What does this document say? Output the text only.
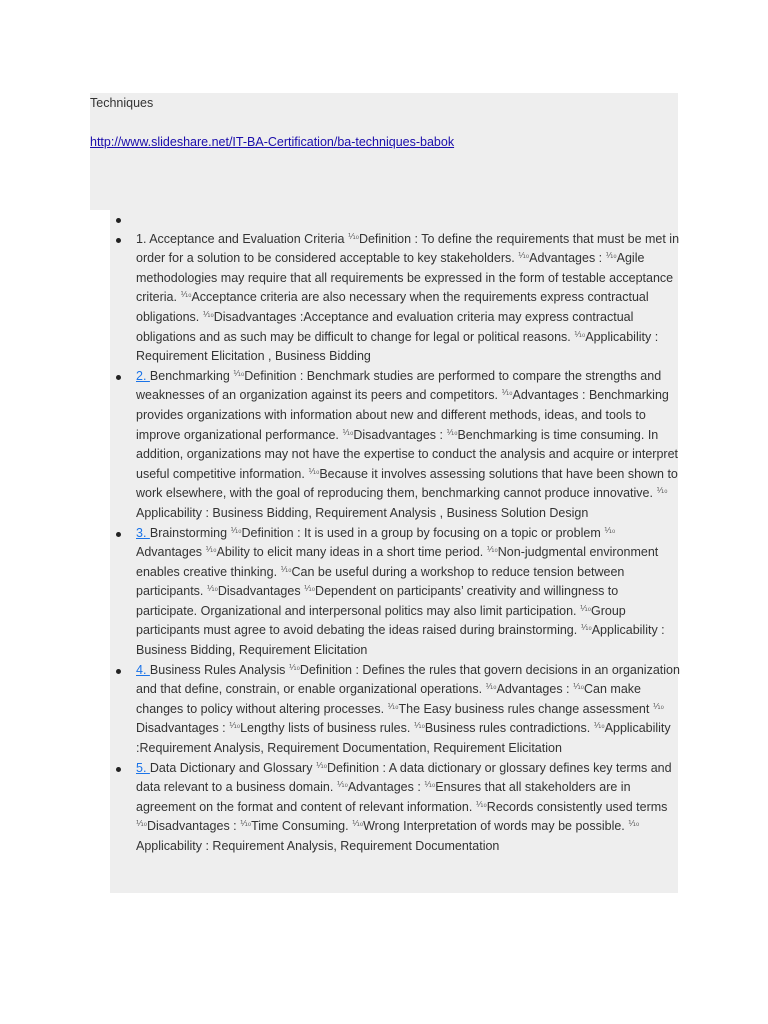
Techniques
http://www.slideshare.net/IT-BA-Certification/ba-techniques-babok

1. Acceptance and Evaluation Criteria ⅒Definition : To define the requirements that must be met in order for a solution to be considered acceptable to key stakeholders. ⅒Advantages : ⅒Agile methodologies may require that all requirements be expressed in the form of testable acceptance criteria. ⅒Acceptance criteria are also necessary when the requirements express contractual obligations. ⅒Disadvantages :Acceptance and evaluation criteria may express contractual obligations and as such may be difficult to change for legal or political reasons. ⅒Applicability : Requirement Elicitation , Business Bidding
2. Benchmarking ⅒Definition : Benchmark studies are performed to compare the strengths and weaknesses of an organization against its peers and competitors. ⅒Advantages : Benchmarking provides organizations with information about new and different methods, ideas, and tools to improve organizational performance. ⅒Disadvantages : ⅒Benchmarking is time consuming. In addition, organizations may not have the expertise to conduct the analysis and acquire or interpret useful competitive information. ⅒Because it involves assessing solutions that have been shown to work elsewhere, with the goal of reproducing them, benchmarking cannot produce innovative. ⅒Applicability : Business Bidding, Requirement Analysis , Business Solution Design
3. Brainstorming ⅒Definition : It is used in a group by focusing on a topic or problem ⅒Advantages ⅒Ability to elicit many ideas in a short time period. ⅒Non-judgmental environment enables creative thinking. ⅒Can be useful during a workshop to reduce tension between participants. ⅒Disadvantages ⅒Dependent on participants’ creativity and willingness to participate. Organizational and interpersonal politics may also limit participation. ⅒Group participants must agree to avoid debating the ideas raised during brainstorming. ⅒Applicability : Business Bidding, Requirement Elicitation
4. Business Rules Analysis ⅒Definition : Defines the rules that govern decisions in an organization and that define, constrain, or enable organizational operations. ⅒Advantages : ⅒Can make changes to policy without altering processes. ⅒The Easy business rules change assessment ⅒Disadvantages : ⅒Lengthy lists of business rules. ⅒Business rules contradictions. ⅒Applicability :Requirement Analysis, Requirement Documentation, Requirement Elicitation
5. Data Dictionary and Glossary ⅒Definition : A data dictionary or glossary defines key terms and data relevant to a business domain. ⅒Advantages : ⅒Ensures that all stakeholders are in agreement on the format and content of relevant information. ⅒Records consistently used terms ⅒Disadvantages : ⅒Time Consuming. ⅒Wrong Interpretation of words may be possible. ⅒Applicability : Requirement Analysis, Requirement Documentation
